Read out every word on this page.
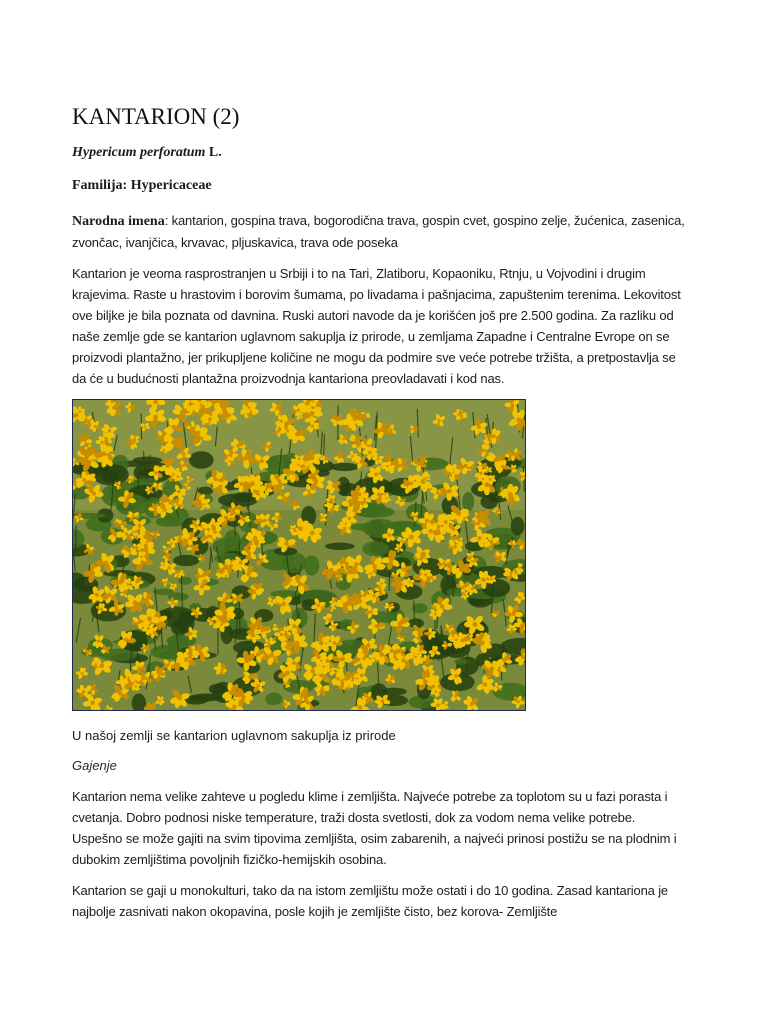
KANTARION (2)

Hypericum perforatum L.

Familija: Hypericaceae

Narodna imena: kantarion, gospina trava, bogorodična trava, gospin cvet, gospino zelje, žućenica, zasenica, zvončac, ivanjčica, krvavac, pljuskavica, trava ode poseka

Kantarion je veoma rasprostranjen u Srbiji i to na Tari, Zlatiboru, Kopaoniku, Rtnju, u Vojvodini i drugim krajevima. Raste u hrastovim i borovim šumama, po livadama i pašnjacima, zapuštenim terenima. Lekovitost ove biljke je bila poznata od davnina. Ruski autori navode da je korišćen još pre 2.500 godina. Za razliku od naše zemlje gde se kantarion uglavnom sakuplja iz prirode, u zemljama Zapadne i Centralne Evrope on se proizvodi plantažno, jer prikupljene količine ne mogu da podmire sve veće potrebe tržišta, a pretpostavlja se da će u budućnosti plantažna proizvodnja kantariona preovladavati i kod nas.

U našoj zemlji se kantarion uglavnom sakuplja iz prirode

Gajenje

Kantarion nema velike zahteve u pogledu klime i zemljišta. Najveće potrebe za toplotom su u fazi porasta i cvetanja. Dobro podnosi niske temperature, traži dosta svetlosti, dok za vodom nema velike potrebe. Uspešno se može gajiti na svim tipovima zemljišta, osim zabarenih, a najveći prinosi postižu se na plodnim i dubokim zemljištima povoljnih fizičko-hemijskih osobina.

Kantarion se gaji u monokulturi, tako da na istom zemljištu može ostati i do 10 godina. Zasad kantariona je najbolje zasnivati nakon okopavina, posle kojih je zemljište čisto, bez korova- Zemljište
